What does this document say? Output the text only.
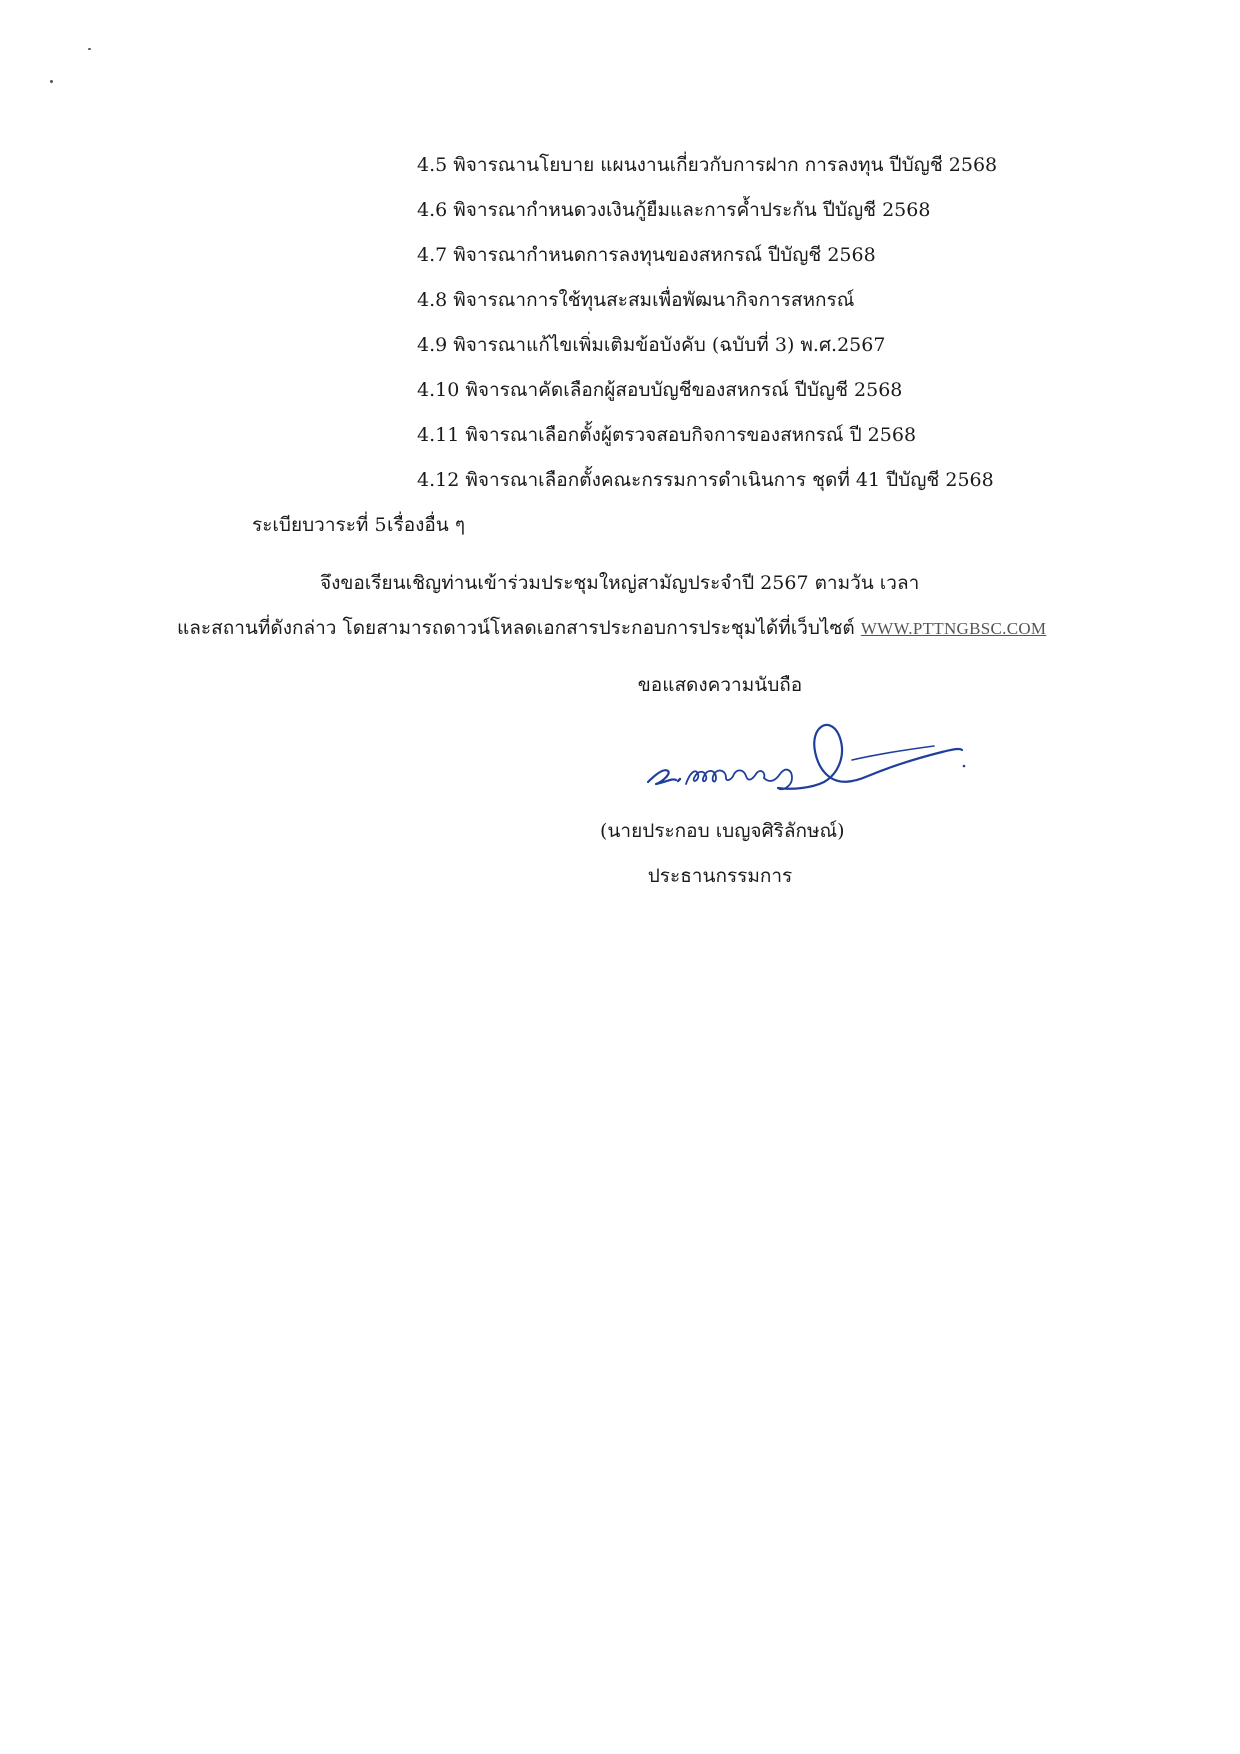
4.5 พิจารณานโยบาย แผนงานเกี่ยวกับการฝาก การลงทุน ปีบัญชี 2568
4.6 พิจารณากำหนดวงเงินกู้ยืมและการค้ำประกัน ปีบัญชี 2568
4.7 พิจารณากำหนดการลงทุนของสหกรณ์ ปีบัญชี 2568
4.8 พิจารณาการใช้ทุนสะสมเพื่อพัฒนากิจการสหกรณ์
4.9 พิจารณาแก้ไขเพิ่มเติมข้อบังคับ (ฉบับที่ 3) พ.ศ.2567
4.10 พิจารณาคัดเลือกผู้สอบบัญชีของสหกรณ์ ปีบัญชี 2568
4.11 พิจารณาเลือกตั้งผู้ตรวจสอบกิจการของสหกรณ์ ปี 2568
4.12 พิจารณาเลือกตั้งคณะกรรมการดำเนินการ ชุดที่ 41 ปีบัญชี 2568
ระเบียบวาระที่ 5 เรื่องอื่น ๆ
จึงขอเรียนเชิญท่านเข้าร่วมประชุมใหญ่สามัญประจำปี 2567 ตามวัน เวลา
และสถานที่ดังกล่าว โดยสามารถดาวน์โหลดเอกสารประกอบการประชุมได้ที่เว็บไซต์ WWW.PTTNGBSC.COM
ขอแสดงความนับถือ
(นายประกอบ เบญจศิริลักษณ์)
ประธานกรรมการ
